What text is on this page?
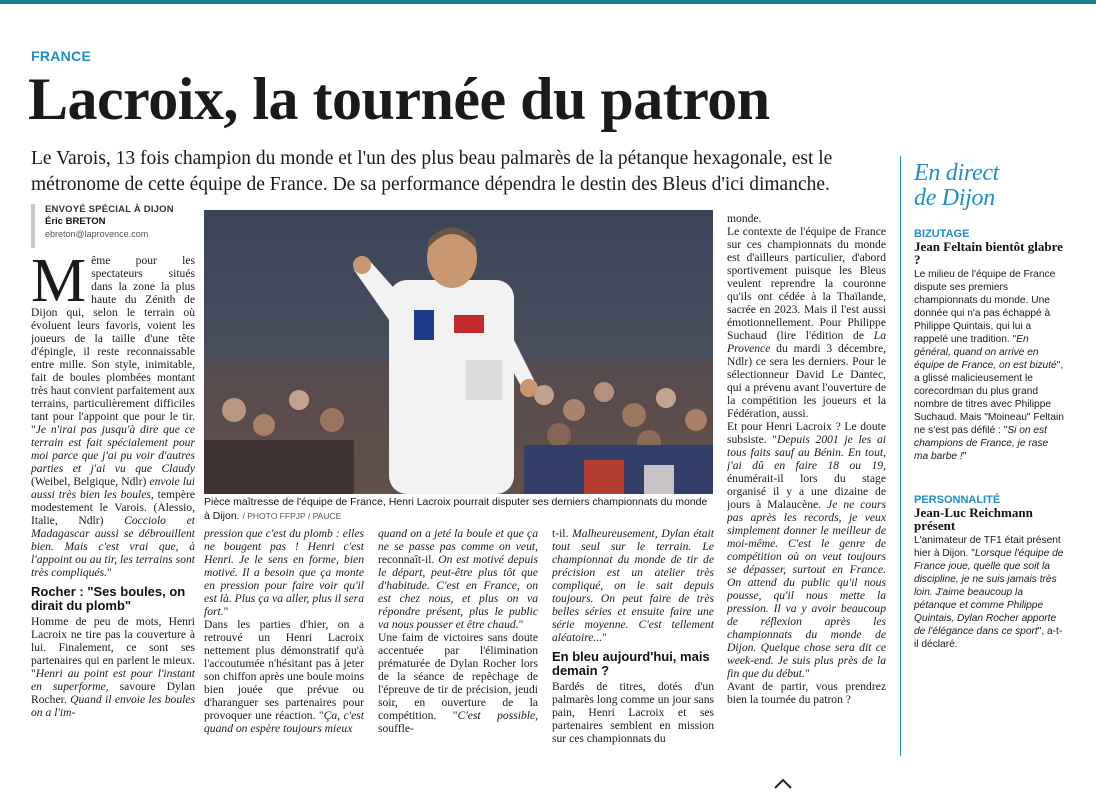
FRANCE
Lacroix, la tournée du patron

Le Varois, 13 fois champion du monde et l'un des plus beau palmarès de la pétanque hexagonale, est le métronome de cette équipe de France. De sa performance dépendra le destin des Bleus d'ici dimanche.

ENVOYÉ SPÉCIAL À DIJON
Éric BRETON
ebreton@laprovence.com

Pièce maîtresse de l'équipe de France, Henri Lacroix pourrait disputer ses derniers championnats du monde à Dijon. / PHOTO FFPJP / PAUCE

Même pour les spectateurs situés dans la zone la plus haute du Zénith de Dijon qui, selon le terrain où évoluent leurs favoris, voient les joueurs de la taille d'une tête d'épingle, il reste reconnaissable entre mille. Son style, inimitable, fait de boules plombées montant très haut convient parfaitement aux terrains, particulièrement difficiles tant pour l'appoint que pour le tir. "Je n'irai pas jusqu'à dire que ce terrain est fait spécialement pour moi parce que j'ai pu voir d'autres parties et j'ai vu que Claudy (Weibel, Belgique, Ndlr) envoie lui aussi très bien les boules, tempère modestement le Varois. (Alessio, Italie, Ndlr) Cocciolo et Madagascar aussi se débrouillent bien. Mais c'est vrai que, à l'appoint ou au tir, les terrains sont très compliqués."

Rocher : "Ses boules, on dirait du plomb"

Homme de peu de mots, Henri Lacroix ne tire pas la couverture à lui. Finalement, ce sont ses partenaires qui en parlent le mieux. "Henri au point est pour l'instant en superforme, savoure Dylan Rocher. Quand il envoie les boules on a l'im-

pression que c'est du plomb : elles ne bougent pas ! Henri c'est Henri. Je le sens en forme, bien motivé. Il a besoin que ça monte en pression pour faire voir qu'il est là. Plus ça va aller, plus il sera fort."

Dans les parties d'hier, on a retrouvé un Henri Lacroix nettement plus démonstratif qu'à l'accoutumée n'hésitant pas à jeter son chiffon après une boule moins bien jouée que prévue ou d'haranguer ses partenaires pour provoquer une réaction. "Ça, c'est quand on espère toujours mieux

quand on a jeté la boule et que ça ne se passe pas comme on veut, reconnaît-il. On est motivé depuis le départ, peut-être plus tôt que d'habitude. C'est en France, on est chez nous, et plus on va répondre présent, plus le public va nous pousser et être chaud."

Une faim de victoires sans doute accentuée par l'élimination prématurée de Dylan Rocher lors de la séance de repêchage de l'épreuve de tir de précision, jeudi soir, en ouverture de la compétition. "C'est possible, souffle-

t-il. Malheureusement, Dylan était tout seul sur le terrain. Le championnat du monde de tir de précision est un atelier très compliqué, on le sait depuis toujours. On peut faire de très belles séries et ensuite faire une série moyenne. C'est tellement aléatoire..."

En bleu aujourd'hui, mais demain ?

Bardés de titres, dotés d'un palmarès long comme un jour sans pain, Henri Lacroix et ses partenaires semblent en mission sur ces championnats du

monde.

Le contexte de l'équipe de France sur ces championnats du monde est d'ailleurs particulier, d'abord sportivement puisque les Bleus veulent reprendre la couronne qu'ils ont cédée à la Thaïlande, sacrée en 2023. Mais il l'est aussi émotionnellement. Pour Philippe Suchaud (lire l'édition de La Provence du mardi 3 décembre, Ndlr) ce sera les derniers. Pour le sélectionneur David Le Dantec, qui a prévenu avant l'ouverture de la compétition les joueurs et la Fédération, aussi.

Et pour Henri Lacroix ? Le doute subsiste. "Depuis 2001 je les ai tous faits sauf au Bénin. En tout, j'ai dû en faire 18 ou 19, énumérait-il lors du stage organisé il y a une dizaine de jours à Malaucène. Je ne cours pas après les records, je veux simplement donner le meilleur de moi-même. C'est le genre de compétition où on veut toujours se dépasser, surtout en France. On attend du public qu'il nous pousse, qu'il nous mette la pression. Il va y avoir beaucoup de réflexion après les championnats du monde de Dijon. Quelque chose sera dit ce week-end. Je suis plus près de la fin que du début."

Avant de partir, vous prendrez bien la tournée du patron ?

En direct
de Dijon
BIZUTAGE
Jean Feltain bientôt glabre ?

Le milieu de l'équipe de France dispute ses premiers championnats du monde. Une donnée qui n'a pas échappé à Philippe Quintais, qui lui a rappelé une tradition. "En général, quand on arrive en équipe de France, on est bizuté", a glissé malicieusement le corecordman du plus grand nombre de titres avec Philippe Suchaud. Mais "Moineau" Feltain ne s'est pas défilé : "Si on est champions de France, je rase ma barbe !"

PERSONNALITÉ
Jean-Luc Reichmann présent

L'animateur de TF1 était présent hier à Dijon. "Lorsque l'équipe de France joue, quelle que soit la discipline, je ne suis jamais très loin. J'aime beaucoup la pétanque et comme Philippe Quintais, Dylan Rocher apporte de l'élégance dans ce sport", a-t-il déclaré.
